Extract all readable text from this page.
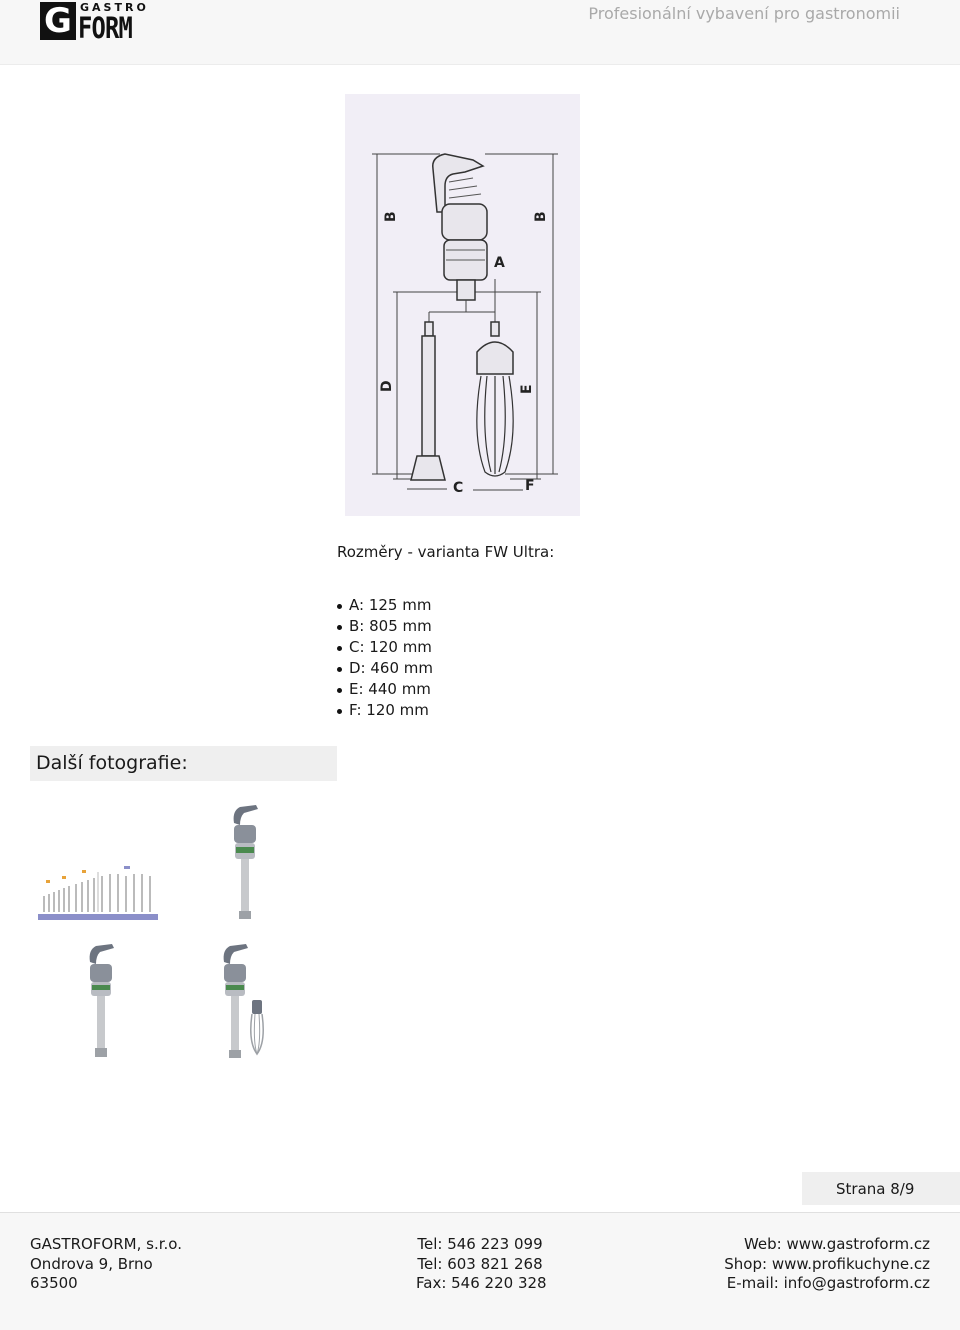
G GASTRO
FORM	Profesionální vybavení pro gastronomii
B	B
A
D	E
C	F
Rozměry - varianta FW Ultra:
A: 125 mm
B: 805 mm
C: 120 mm
D: 460 mm
E: 440 mm
F: 120 mm
Další fotografie:
Strana 8/9
GASTROFORM, s.r.o.
Ondrova 9, Brno
63500
Tel: 546 223 099
Tel: 603 821 268
Fax: 546 220 328
Web: www.gastroform.cz
Shop: www.profikuchyne.cz
E-mail: info@gastroform.cz
